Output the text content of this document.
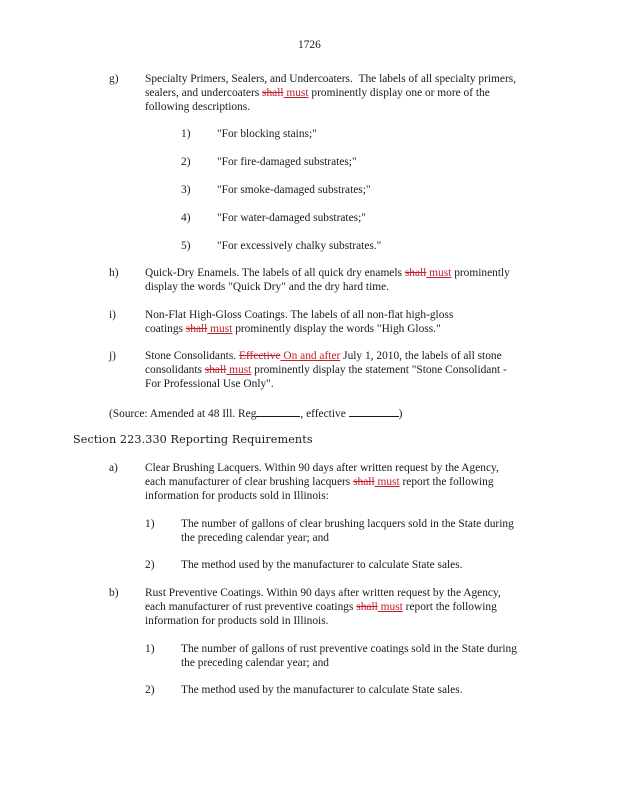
1726
g) Specialty Primers, Sealers, and Undercoaters. The labels of all specialty primers,
sealers, and undercoaters shall must prominently display one or more of the
following descriptions.
1) "For blocking stains;"
2) "For fire-damaged substrates;"
3) "For smoke-damaged substrates;"
4) "For water-damaged substrates;"
5) "For excessively chalky substrates."
h) Quick-Dry Enamels. The labels of all quick dry enamels shall must prominently
display the words "Quick Dry" and the dry hard time.
i)	Non-Flat High-Gloss Coatings. The labels of all non-flat high-gloss
coatings shall must prominently display the words "High Gloss."
j)	Stone Consolidants. Effective On and after July 1, 2010, the labels of all stone
consolidants shall must prominently display the statement "Stone Consolidant -
For Professional Use Only".
(Source: Amended at 48 Ill. Reg	, effective	)
Section 223.330 Reporting Requirements
a) Clear Brushing Lacquers. Within 90 days after written request by the Agency,
each manufacturer of clear brushing lacquers shall must report the following
information for products sold in Illinois:
1) The number of gallons of clear brushing lacquers sold in the State during
the preceding calendar year; and
2) The method used by the manufacturer to calculate State sales.
b) Rust Preventive Coatings. Within 90 days after written request by the Agency,
each manufacturer of rust preventive coatings shall must report the following
information for products sold in Illinois.
1) The number of gallons of rust preventive coatings sold in the State during
the preceding calendar year; and
2) The method used by the manufacturer to calculate State sales.
